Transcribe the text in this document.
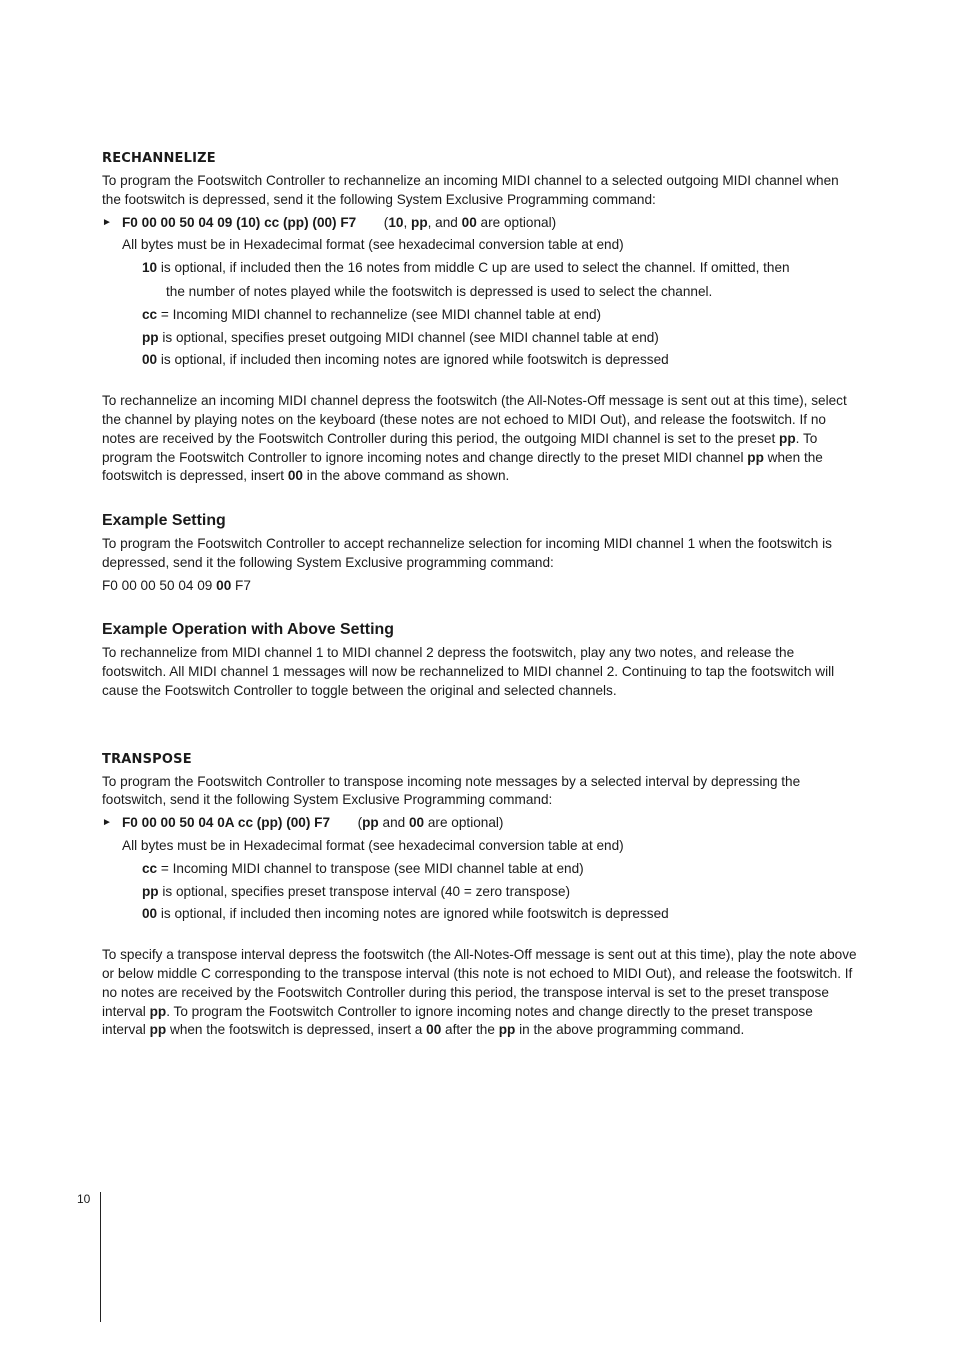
RECHANNELIZE

To program the Footswitch Controller to rechannelize an incoming MIDI channel to a selected outgoing MIDI channel when the footswitch is depressed, send it the following System Exclusive Programming command:

► F0 00 00 50 04 09 (10) cc (pp) (00) F7 (10, pp, and 00 are optional)

All bytes must be in Hexadecimal format (see hexadecimal conversion table at end)

10 is optional, if included then the 16 notes from middle C up are used to select the channel. If omitted, then
the number of notes played while the footswitch is depressed is used to select the channel.

cc = Incoming MIDI channel to rechannelize (see MIDI channel table at end)

pp is optional, specifies preset outgoing MIDI channel (see MIDI channel table at end)

00 is optional, if included then incoming notes are ignored while footswitch is depressed

To rechannelize an incoming MIDI channel depress the footswitch (the All-Notes-Off message is sent out at this time), select the channel by playing notes on the keyboard (these notes are not echoed to MIDI Out), and release the footswitch. If no notes are received by the Footswitch Controller during this period, the outgoing MIDI channel is set to the preset pp. To program the Footswitch Controller to ignore incoming notes and change directly to the preset MIDI channel pp when the footswitch is depressed, insert 00 in the above command as shown.

Example Setting

To program the Footswitch Controller to accept rechannelize selection for incoming MIDI channel 1 when the footswitch is depressed, send it the following System Exclusive programming command:

F0 00 00 50 04 09 00 F7

Example Operation with Above Setting

To rechannelize from MIDI channel 1 to MIDI channel 2 depress the footswitch, play any two notes, and release the footswitch. All MIDI channel 1 messages will now be rechannelized to MIDI channel 2. Continuing to tap the footswitch will cause the Footswitch Controller to toggle between the original and selected channels.

TRANSPOSE

To program the Footswitch Controller to transpose incoming note messages by a selected interval by depressing the footswitch, send it the following System Exclusive Programming command:

► F0 00 00 50 04 0A cc (pp) (00) F7 (pp and 00 are optional)

All bytes must be in Hexadecimal format (see hexadecimal conversion table at end)

cc = Incoming MIDI channel to transpose (see MIDI channel table at end)

pp is optional, specifies preset transpose interval (40 = zero transpose)

00 is optional, if included then incoming notes are ignored while footswitch is depressed

To specify a transpose interval depress the footswitch (the All-Notes-Off message is sent out at this time), play the note above or below middle C corresponding to the transpose interval (this note is not echoed to MIDI Out), and release the footswitch. If no notes are received by the Footswitch Controller during this period, the transpose interval is set to the preset transpose interval pp. To program the Footswitch Controller to ignore incoming notes and change directly to the preset transpose interval pp when the footswitch is depressed, insert a 00 after the pp in the above programming command.

10
